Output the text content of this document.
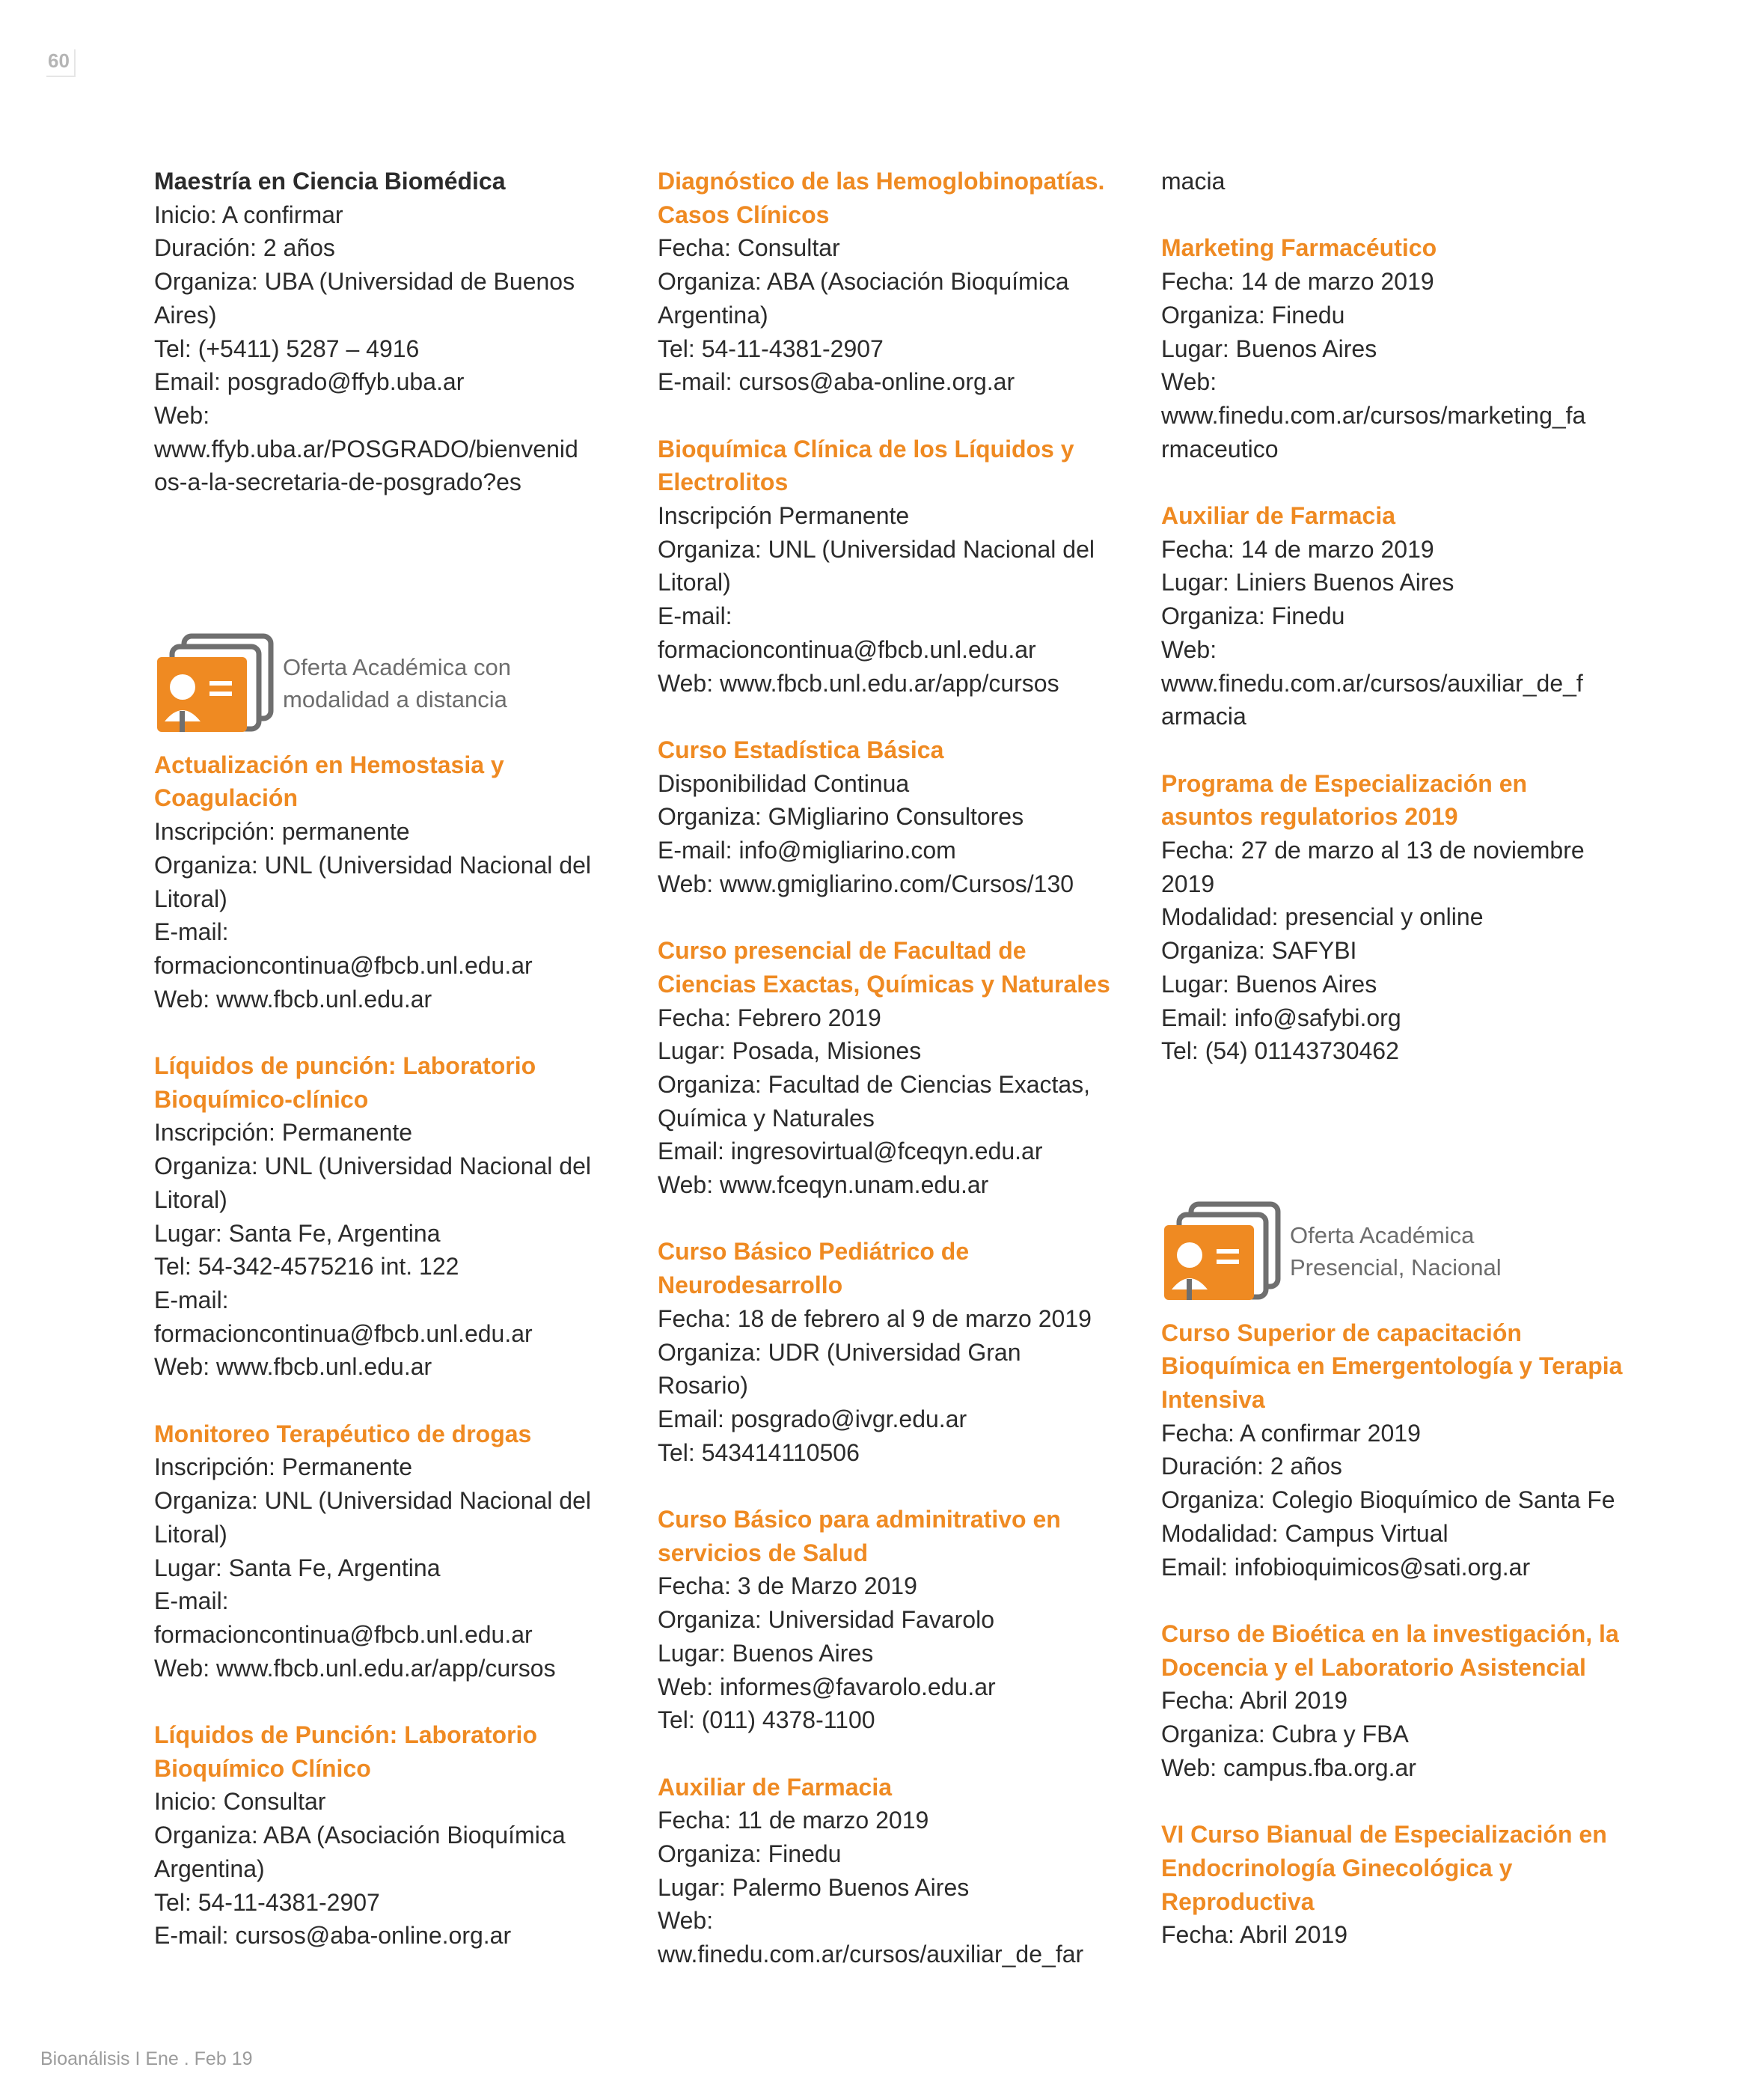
60
Maestría en Ciencia Biomédica
Inicio: A confirmar
Duración: 2 años
Organiza: UBA (Universidad de Buenos Aires)
Tel: (+5411) 5287 – 4916
Email: posgrado@ffyb.uba.ar
Web:
www.ffyb.uba.ar/POSGRADO/bienvenid os-a-la-secretaria-de-posgrado?es
Oferta Académica con
modalidad a distancia
Actualización en Hemostasia y Coagulación
Inscripción: permanente
Organiza: UNL (Universidad Nacional del Litoral)
E-mail:
formacioncontinua@fbcb.unl.edu.ar
Web: www.fbcb.unl.edu.ar
Líquidos de punción: Laboratorio Bioquímico-clínico
Inscripción: Permanente
Organiza: UNL (Universidad Nacional del Litoral)
Lugar: Santa Fe, Argentina
Tel: 54-342-4575216 int. 122
E-mail:
formacioncontinua@fbcb.unl.edu.ar
Web: www.fbcb.unl.edu.ar
Monitoreo Terapéutico de drogas
Inscripción: Permanente
Organiza: UNL (Universidad Nacional del Litoral)
Lugar: Santa Fe, Argentina
E-mail:
formacioncontinua@fbcb.unl.edu.ar
Web: www.fbcb.unl.edu.ar/app/cursos
Líquidos de Punción: Laboratorio Bioquímico Clínico
Inicio: Consultar
Organiza: ABA (Asociación Bioquímica Argentina)
Tel: 54-11-4381-2907
E-mail: cursos@aba-online.org.ar
Diagnóstico de las Hemoglobinopatías. Casos Clínicos
Fecha: Consultar
Organiza: ABA (Asociación Bioquímica Argentina)
Tel: 54-11-4381-2907
E-mail: cursos@aba-online.org.ar
Bioquímica Clínica de los Líquidos y Electrolitos
Inscripción Permanente
Organiza: UNL (Universidad Nacional del Litoral)
E-mail:
formacioncontinua@fbcb.unl.edu.ar
Web: www.fbcb.unl.edu.ar/app/cursos
Curso Estadística Básica
Disponibilidad Continua
Organiza: GMigliarino Consultores
E-mail: info@migliarino.com
Web: www.gmigliarino.com/Cursos/130
Curso presencial de Facultad de Ciencias Exactas, Químicas y Naturales
Fecha: Febrero 2019
Lugar: Posada, Misiones
Organiza: Facultad de Ciencias Exactas, Química y Naturales
Email: ingresovirtual@fceqyn.edu.ar
Web: www.fceqyn.unam.edu.ar
Curso Básico Pediátrico de Neurodesarrollo
Fecha: 18 de febrero al 9 de marzo 2019
Organiza: UDR (Universidad Gran Rosario)
Email: posgrado@ivgr.edu.ar
Tel: 543414110506
Curso Básico para adminitrativo en servicios de Salud
Fecha: 3 de Marzo 2019
Organiza: Universidad Favarolo
Lugar: Buenos Aires
Web: informes@favarolo.edu.ar
Tel: (011) 4378-1100
Auxiliar de Farmacia
Fecha: 11 de marzo 2019
Organiza: Finedu
Lugar: Palermo Buenos Aires
Web:
ww.finedu.com.ar/cursos/auxiliar_de_far
macia
Marketing Farmacéutico
Fecha: 14 de marzo 2019
Organiza: Finedu
Lugar: Buenos Aires
Web:
www.finedu.com.ar/cursos/marketing_fa rmaceutico
Auxiliar de Farmacia
Fecha: 14 de marzo 2019
Lugar: Liniers Buenos Aires
Organiza: Finedu
Web:
www.finedu.com.ar/cursos/auxiliar_de_f armacia
Programa de Especialización en asuntos regulatorios 2019
Fecha: 27 de marzo al 13 de noviembre 2019
Modalidad: presencial y online
Organiza: SAFYBI
Lugar: Buenos Aires
Email: info@safybi.org
Tel: (54) 01143730462
Oferta Académica
Presencial, Nacional
Curso Superior de capacitación Bioquímica en Emergentología y Terapia Intensiva
Fecha: A confirmar 2019
Duración: 2 años
Organiza: Colegio Bioquímico de Santa Fe
Modalidad: Campus Virtual
Email: infobioquimicos@sati.org.ar
Curso de Bioética en la investigación, la Docencia y el Laboratorio Asistencial
Fecha: Abril 2019
Organiza: Cubra y FBA
Web: campus.fba.org.ar
VI Curso Bianual de Especialización en Endocrinología Ginecológica y Reproductiva
Fecha: Abril 2019
Bioanálisis I Ene . Feb 19
